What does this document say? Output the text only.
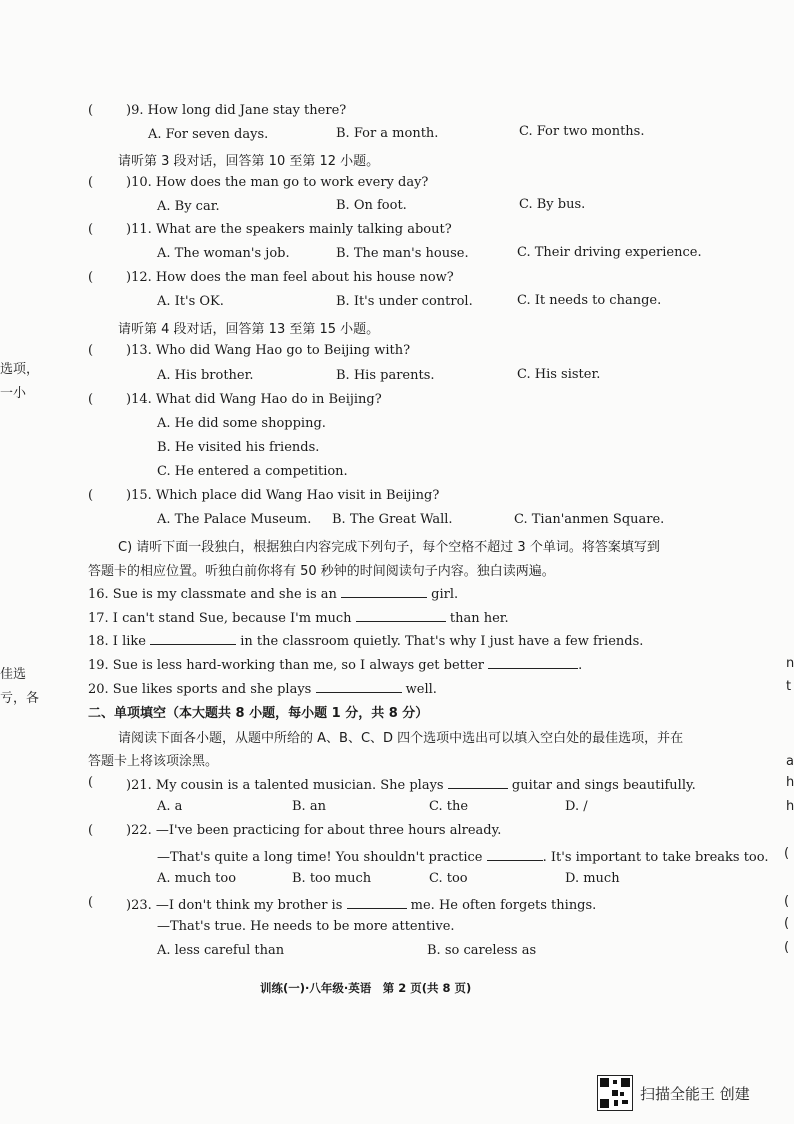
选项，
一小
佳选
亏，各
n
t
a
h
h
(
(
(
(
(	)9. How long did Jane stay there?
A. For seven days.	B. For a month.	C. For two months.
请听第 3 段对话，回答第 10 至第 12 小题。
(	)10. How does the man go to work every day?
A. By car.	B. On foot.	C. By bus.
(	)11. What are the speakers mainly talking about?
A. The woman's job.	B. The man's house.	C. Their driving experience.
(	)12. How does the man feel about his house now?
A. It's OK.	B. It's under control.	C. It needs to change.
请听第 4 段对话，回答第 13 至第 15 小题。
(	)13. Who did Wang Hao go to Beijing with?
A. His brother.	B. His parents.	C. His sister.
(	)14. What did Wang Hao do in Beijing?
A. He did some shopping.
B. He visited his friends.
C. He entered a competition.
(	)15. Which place did Wang Hao visit in Beijing?
A. The Palace Museum. B. The Great Wall.	C. Tian'anmen Square.
C) 请听下面一段独白，根据独白内容完成下列句子，每个空格不超过 3 个单词。将答案填写到
答题卡的相应位置。听独白前你将有 50 秒钟的时间阅读句子内容。独白读两遍。
16. Sue is my classmate and she is an	girl.
17. I can't stand Sue, because I'm much	than her.
18. I like	in the classroom quietly. That's why I just have a few friends.
19. Sue is less hard-working than me, so I always get better	.
20. Sue likes sports and she plays	well.
二、单项填空（本大题共 8 小题，每小题 1 分，共 8 分）
请阅读下面各小题，从题中所给的 A、B、C、D 四个选项中选出可以填入空白处的最佳选项，并在
答题卡上将该项涂黑。
(	)21. My cousin is a talented musician. She plays	guitar and sings beautifully.
A. a	B. an	C. the	D. /
(	)22. —I've been practicing for about three hours already.
—That's quite a long time! You shouldn't practice	. It's important to take breaks too.
A. much too	B. too much	C. too	D. much
(	)23. —I don't think my brother is	me. He often forgets things.
—That's true. He needs to be more attentive.
A. less careful than	B. so careless as
训练(一)·八年级·英语　第 2 页(共 8 页)
扫描全能王 创建
